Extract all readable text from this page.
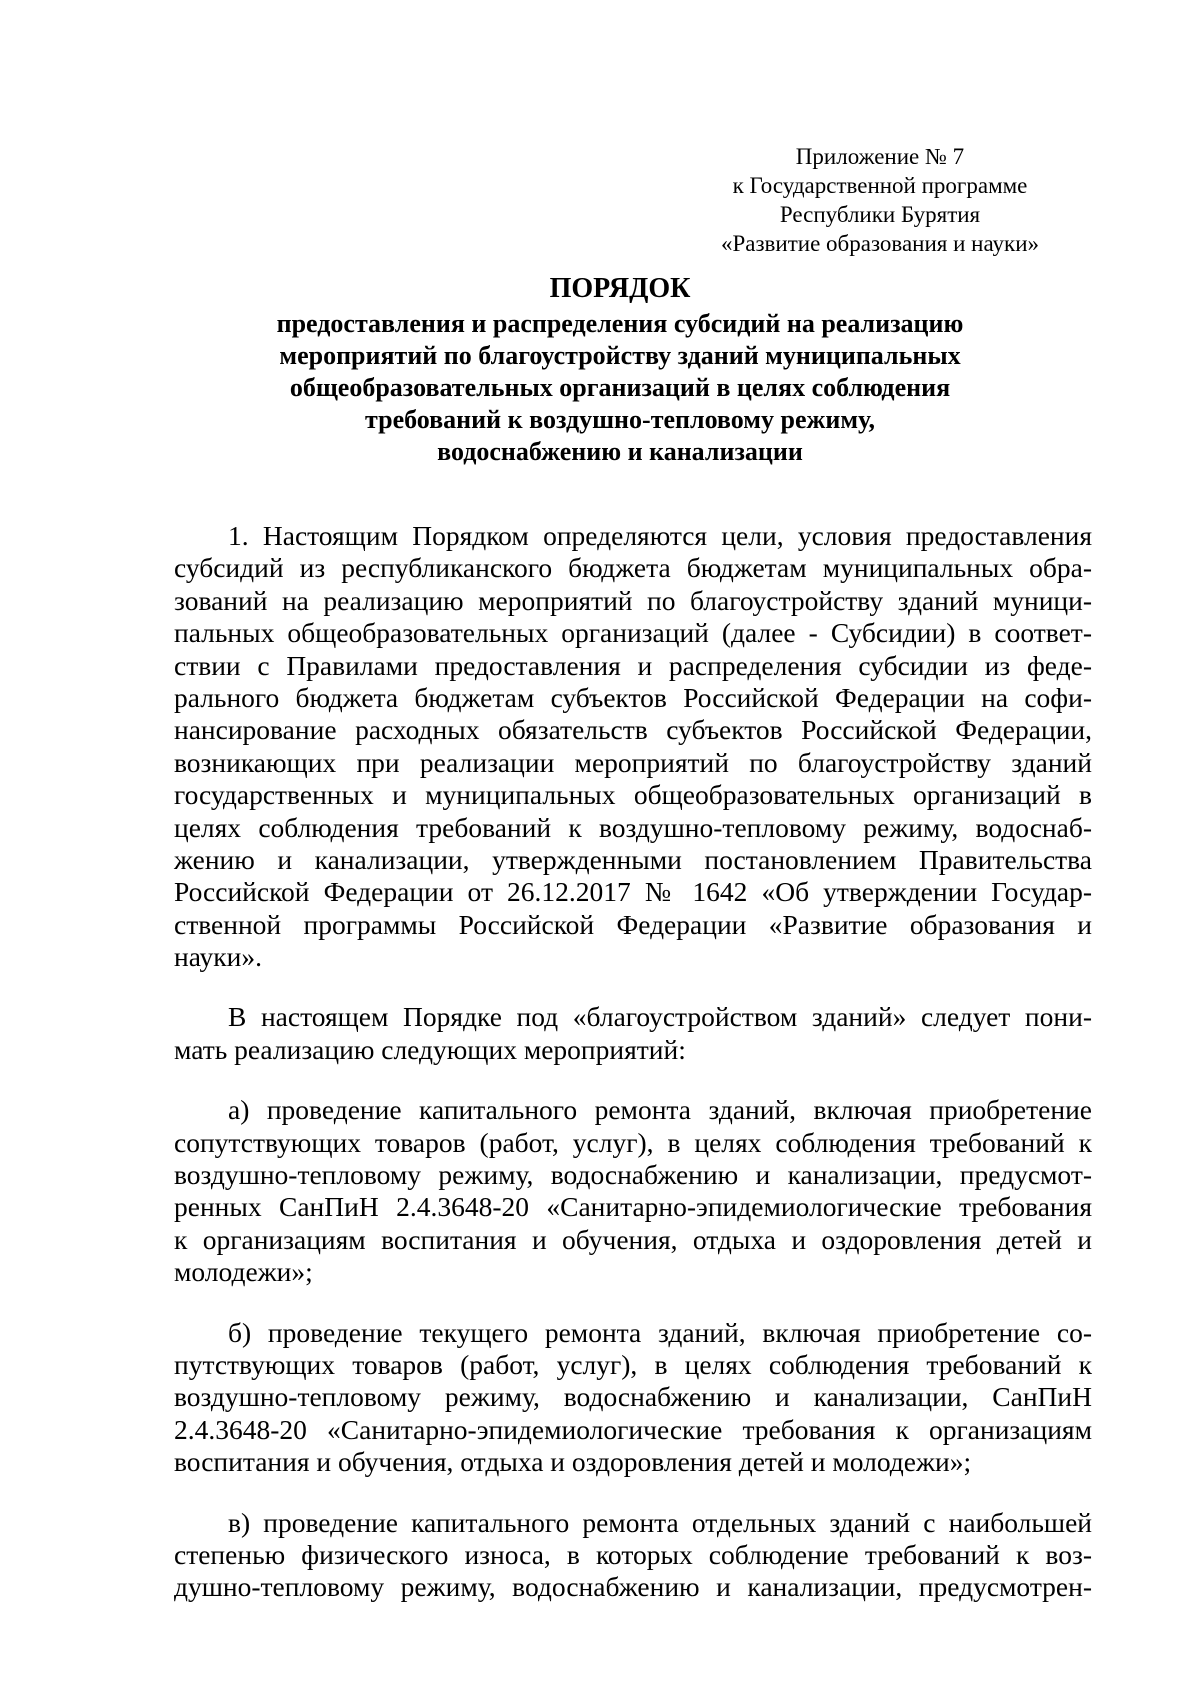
Приложение № 7
к Государственной программе
Республики Бурятия
«Развитие образования и науки»
ПОРЯДОК
предоставления и распределения субсидий на реализацию
мероприятий по благоустройству зданий муниципальных
общеобразовательных организаций в целях соблюдения
требований к воздушно-тепловому режиму,
водоснабжению и канализации
1. Настоящим Порядком определяются цели, условия предоставления
субсидий из республиканского бюджета бюджетам муниципальных обра-
зований на реализацию мероприятий по благоустройству зданий муници-
пальных общеобразовательных организаций (далее - Субсидии) в соответ-
ствии с Правилами предоставления и распределения субсидии из феде-
рального бюджета бюджетам субъектов Российской Федерации на софи-
нансирование расходных обязательств субъектов Российской Федерации,
возникающих при реализации мероприятий по благоустройству зданий
государственных и муниципальных общеобразовательных организаций в
целях соблюдения требований к воздушно-тепловому режиму, водоснаб-
жению и канализации, утвержденными постановлением Правительства
Российской Федерации от 26.12.2017 № 1642 «Об утверждении Государ-
ственной программы Российской Федерации «Развитие образования и
науки».
В настоящем Порядке под «благоустройством зданий» следует пони-
мать реализацию следующих мероприятий:
а) проведение капитального ремонта зданий, включая приобретение
сопутствующих товаров (работ, услуг), в целях соблюдения требований к
воздушно-тепловому режиму, водоснабжению и канализации, предусмот-
ренных СанПиН 2.4.3648-20 «Санитарно-эпидемиологические требования
к организациям воспитания и обучения, отдыха и оздоровления детей и
молодежи»;
б) проведение текущего ремонта зданий, включая приобретение со-
путствующих товаров (работ, услуг), в целях соблюдения требований к
воздушно-тепловому режиму, водоснабжению и канализации, СанПиН
2.4.3648-20 «Санитарно-эпидемиологические требования к организациям
воспитания и обучения, отдыха и оздоровления детей и молодежи»;
в) проведение капитального ремонта отдельных зданий с наибольшей
степенью физического износа, в которых соблюдение требований к воз-
душно-тепловому режиму, водоснабжению и канализации, предусмотрен-
